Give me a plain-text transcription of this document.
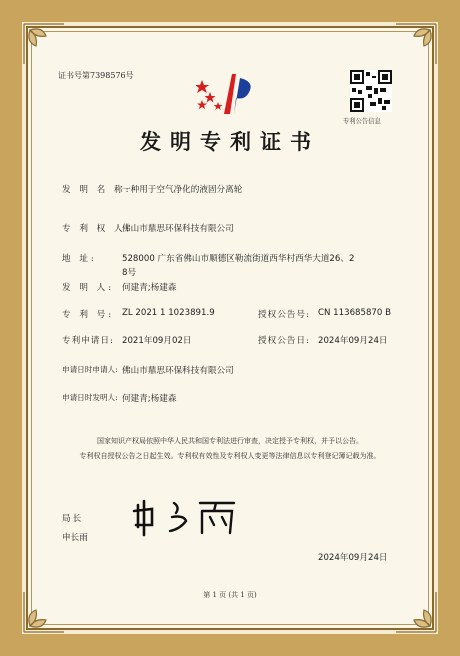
证书号第7398576号
专利公告信息
发明专利证书
发 明 名 称:
一种用于空气净化的液固分离轮
专 利 权 人:
佛山市鼎思环保科技有限公司
地 址:	528000 广东省佛山市顺德区勒流街道西华村西华大道26、2
8号
发 明 人: 何建青;杨建森
专 利 号: ZL 2021 1 1023891.9	授权公告号: CN 113685870 B
专利申请日: 2021年09月02日	授权公告日: 2024年09月24日
申请日时申请人: 佛山市鼎思环保科技有限公司
申请日时发明人: 何建青;杨建森
国家知识产权局依照中华人民共和国专利法进行审查，决定授予专利权，并予以公告。
专利权自授权公告之日起生效。专利权有效性及专利权人变更等法律信息以专利登记簿记载为准。
局长
申长雨
2024年09月24日
第 1 页 (共 1 页)
